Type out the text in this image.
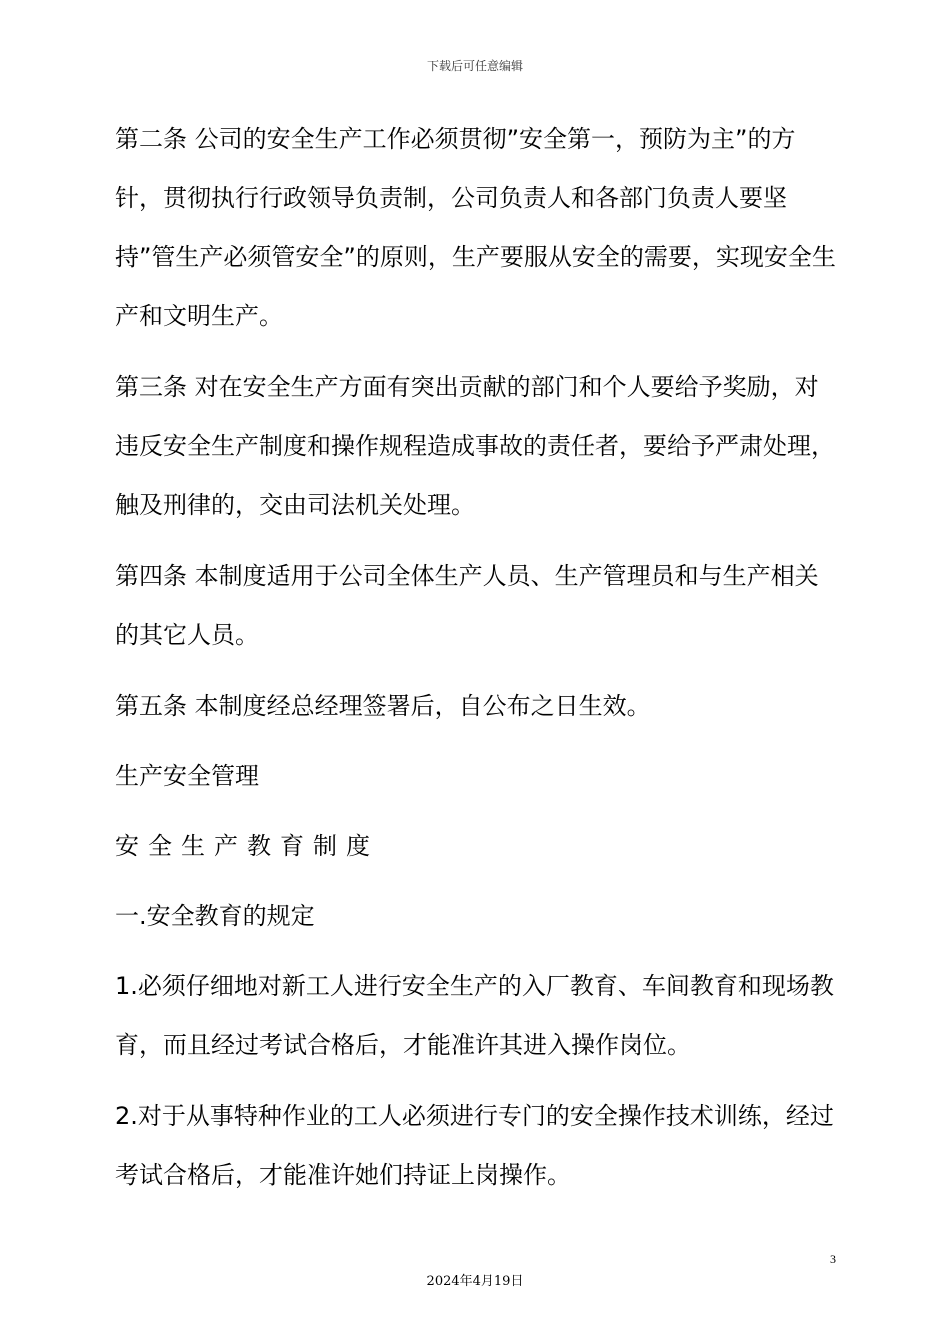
下载后可任意编辑

第二条 公司的安全生产工作必须贯彻”安全第一，预防为主”的方针，贯彻执行行政领导负责制，公司负责人和各部门负责人要坚持”管生产必须管安全”的原则，生产要服从安全的需要，实现安全生产和文明生产。

第三条 对在安全生产方面有突出贡献的部门和个人要给予奖励，对违反安全生产制度和操作规程造成事故的责任者，要给予严肃处理，触及刑律的，交由司法机关处理。

第四条 本制度适用于公司全体生产人员、生产管理员和与生产相关的其它人员。

第五条 本制度经总经理签署后，自公布之日生效。

生产安全管理

安全生产教育制度

一.安全教育的规定

1.必须仔细地对新工人进行安全生产的入厂教育、车间教育和现场教育，而且经过考试合格后，才能准许其进入操作岗位。

2.对于从事特种作业的工人必须进行专门的安全操作技术训练，经过考试合格后，才能准许她们持证上岗操作。

3
2024年4月19日
